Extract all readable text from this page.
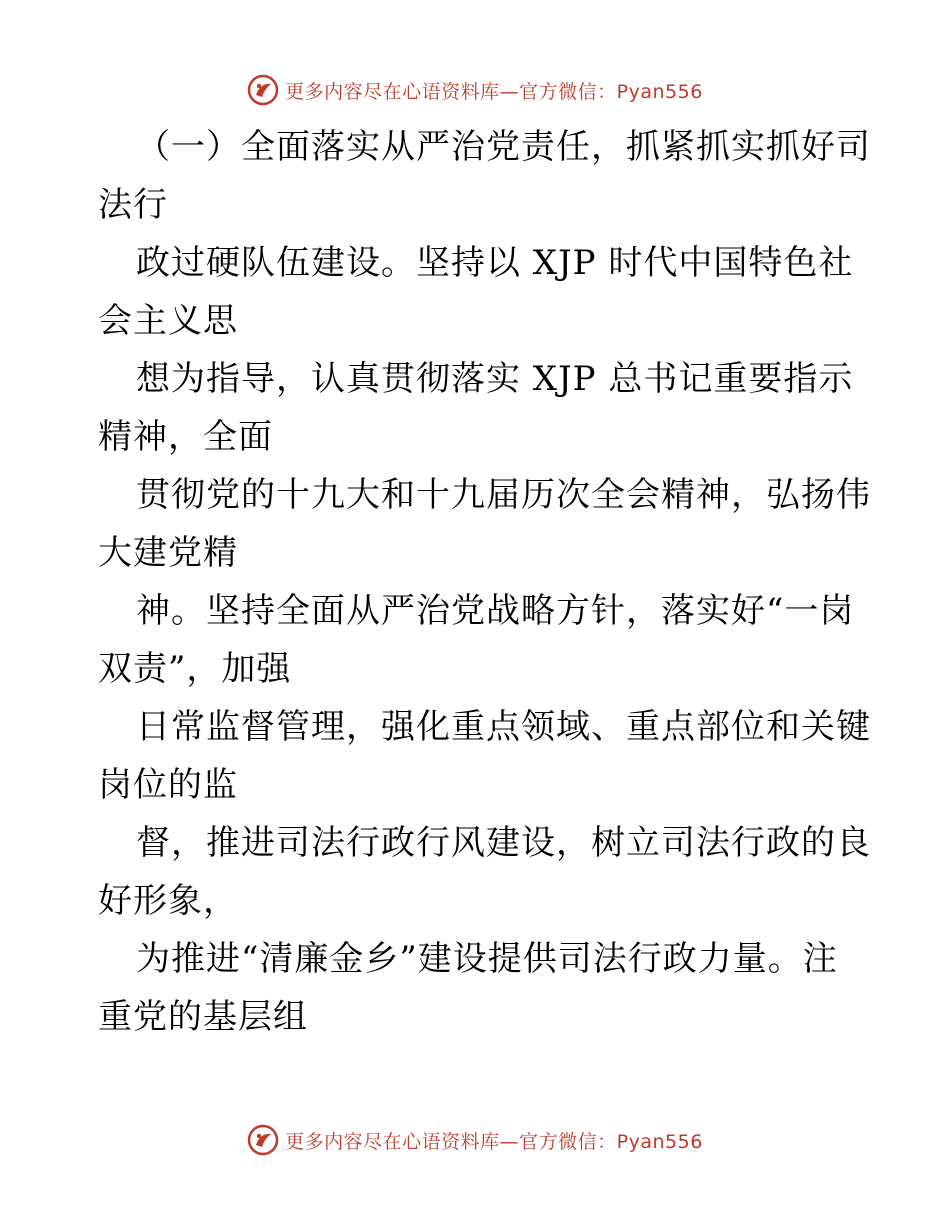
更多内容尽在心语资料库—官方微信：Pyan556

（一）全面落实从严治党责任，抓紧抓实抓好司

法行

政过硬队伍建设。坚持以 XJP 时代中国特色社

会主义思

想为指导，认真贯彻落实 XJP 总书记重要指示

精神，全面

贯彻党的十九大和十九届历次全会精神，弘扬伟

大建党精

神。坚持全面从严治党战略方针，落实好“一岗

双责”，加强

日常监督管理，强化重点领域、重点部位和关键

岗位的监

督，推进司法行政行风建设，树立司法行政的良

好形象，

为推进“清廉金乡”建设提供司法行政力量。注

重党的基层组

更多内容尽在心语资料库—官方微信：Pyan556
